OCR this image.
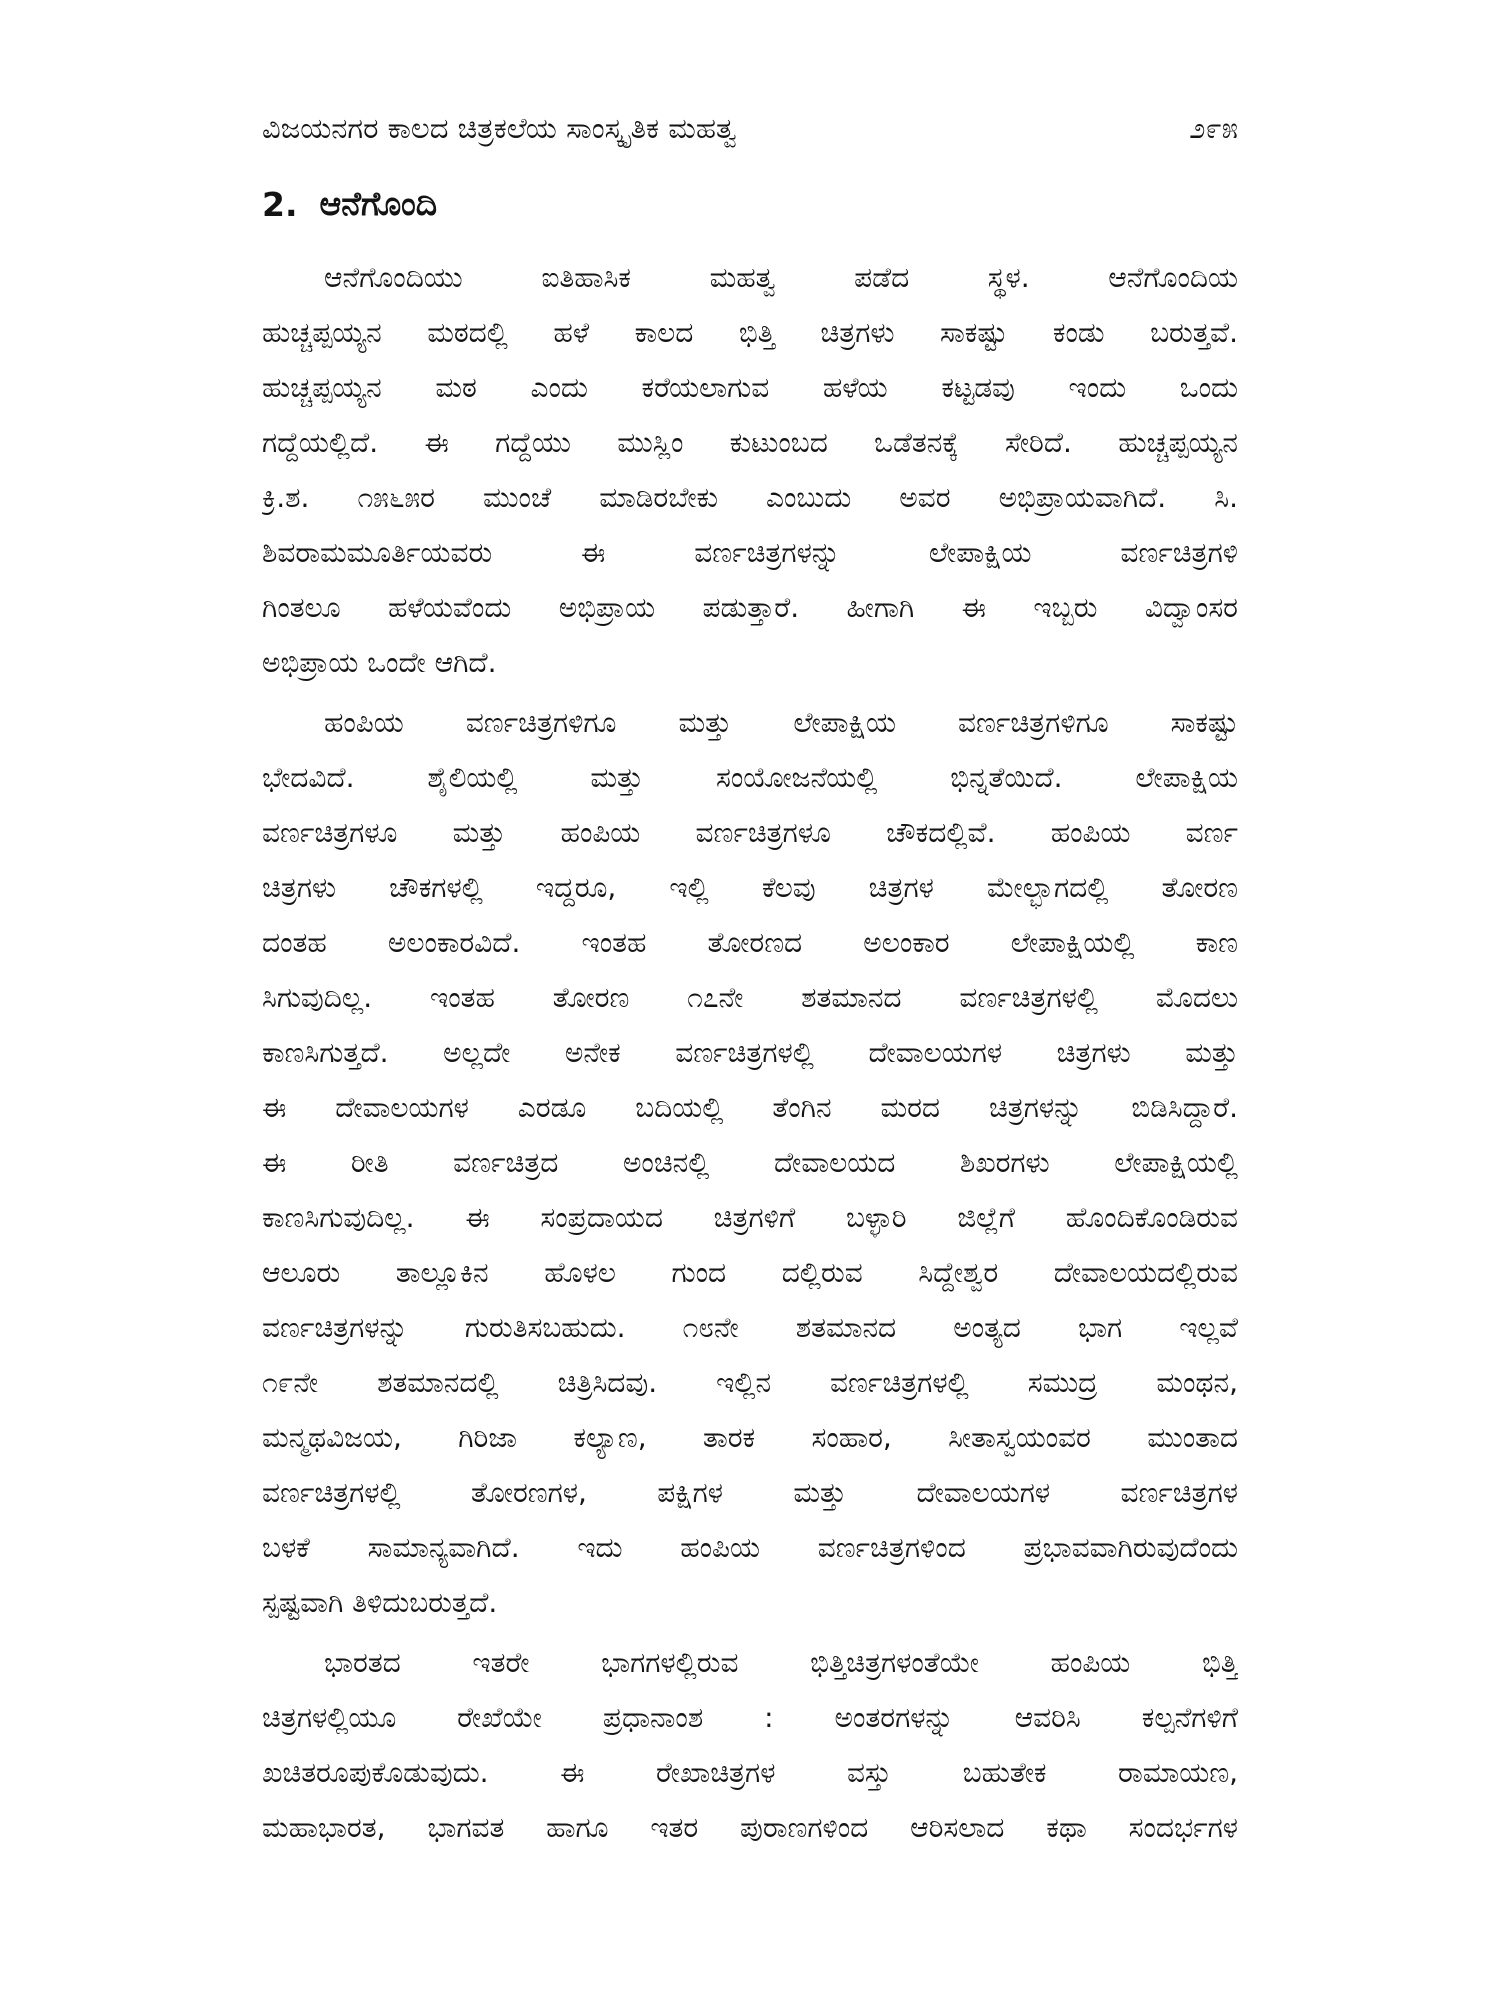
ವಿಜಯನಗರ ಕಾಲದ ಚಿತ್ರಕಲೆಯ ಸಾಂಸ್ಕೃತಿಕ ಮಹತ್ವ	೨೯೫
2. ಆನೆಗೊಂದಿ
ಆನೆಗೊಂದಿಯು ಐತಿಹಾಸಿಕ ಮಹತ್ವ ಪಡೆದ ಸ್ಥಳ. ಆನೆಗೊಂದಿಯ
ಹುಚ್ಚಪ್ಪಯ್ಯನ ಮಠದಲ್ಲಿ ಹಳೆ ಕಾಲದ ಭಿತ್ತಿ ಚಿತ್ರಗಳು ಸಾಕಷ್ಟು ಕಂಡು ಬರುತ್ತವೆ.
ಹುಚ್ಚಪ್ಪಯ್ಯನ ಮಠ ಎಂದು ಕರೆಯಲಾಗುವ ಹಳೆಯ ಕಟ್ಟಡವು ಇಂದು ಒಂದು
ಗದ್ದೆಯಲ್ಲಿದೆ. ಈ ಗದ್ದೆಯು ಮುಸ್ಲಿಂ ಕುಟುಂಬದ ಒಡೆತನಕ್ಕೆ ಸೇರಿದೆ. ಹುಚ್ಚಪ್ಪಯ್ಯನ
ಕ್ರಿ.ಶ. ೧೫೬೫ರ ಮುಂಚೆ ಮಾಡಿರಬೇಕು ಎಂಬುದು ಅವರ ಅಭಿಪ್ರಾಯವಾಗಿದೆ. ಸಿ.
ಶಿವರಾಮಮೂರ್ತಿಯವರು ಈ ವರ್ಣಚಿತ್ರಗಳನ್ನು ಲೇಪಾಕ್ಷಿಯ ವರ್ಣಚಿತ್ರಗಳಿ
ಗಿಂತಲೂ ಹಳೆಯವೆಂದು ಅಭಿಪ್ರಾಯ ಪಡುತ್ತಾರೆ. ಹೀಗಾಗಿ ಈ ಇಬ್ಬರು ವಿದ್ವಾಂಸರ
ಅಭಿಪ್ರಾಯ ಒಂದೇ ಆಗಿದೆ.
ಹಂಪಿಯ ವರ್ಣಚಿತ್ರಗಳಿಗೂ ಮತ್ತು ಲೇಪಾಕ್ಷಿಯ ವರ್ಣಚಿತ್ರಗಳಿಗೂ ಸಾಕಷ್ಟು
ಭೇದವಿದೆ. ಶೈಲಿಯಲ್ಲಿ ಮತ್ತು ಸಂಯೋಜನೆಯಲ್ಲಿ ಭಿನ್ನತೆಯಿದೆ. ಲೇಪಾಕ್ಷಿಯ
ವರ್ಣಚಿತ್ರಗಳೂ ಮತ್ತು ಹಂಪಿಯ ವರ್ಣಚಿತ್ರಗಳೂ ಚೌಕದಲ್ಲಿವೆ. ಹಂಪಿಯ ವರ್ಣ
ಚಿತ್ರಗಳು ಚೌಕಗಳಲ್ಲಿ ಇದ್ದರೂ, ಇಲ್ಲಿ ಕೆಲವು ಚಿತ್ರಗಳ ಮೇಲ್ಭಾಗದಲ್ಲಿ ತೋರಣ
ದಂತಹ ಅಲಂಕಾರವಿದೆ. ಇಂತಹ ತೋರಣದ ಅಲಂಕಾರ ಲೇಪಾಕ್ಷಿಯಲ್ಲಿ ಕಾಣ
ಸಿಗುವುದಿಲ್ಲ. ಇಂತಹ ತೋರಣ ೧೭ನೇ ಶತಮಾನದ ವರ್ಣಚಿತ್ರಗಳಲ್ಲಿ ಮೊದಲು
ಕಾಣಸಿಗುತ್ತದೆ. ಅಲ್ಲದೇ ಅನೇಕ ವರ್ಣಚಿತ್ರಗಳಲ್ಲಿ ದೇವಾಲಯಗಳ ಚಿತ್ರಗಳು ಮತ್ತು
ಈ ದೇವಾಲಯಗಳ ಎರಡೂ ಬದಿಯಲ್ಲಿ ತೆಂಗಿನ ಮರದ ಚಿತ್ರಗಳನ್ನು ಬಿಡಿಸಿದ್ದಾರೆ.
ಈ ರೀತಿ ವರ್ಣಚಿತ್ರದ ಅಂಚಿನಲ್ಲಿ ದೇವಾಲಯದ ಶಿಖರಗಳು ಲೇಪಾಕ್ಷಿಯಲ್ಲಿ
ಕಾಣಸಿಗುವುದಿಲ್ಲ. ಈ ಸಂಪ್ರದಾಯದ ಚಿತ್ರಗಳಿಗೆ ಬಳ್ಳಾರಿ ಜಿಲ್ಲೆಗೆ ಹೊಂದಿಕೊಂಡಿರುವ
ಆಲೂರು ತಾಲ್ಲೂಕಿನ ಹೊಳಲ ಗುಂದ ದಲ್ಲಿರುವ ಸಿದ್ದೇಶ್ವರ ದೇವಾಲಯದಲ್ಲಿರುವ
ವರ್ಣಚಿತ್ರಗಳನ್ನು ಗುರುತಿಸಬಹುದು. ೧೮ನೇ ಶತಮಾನದ ಅಂತ್ಯದ ಭಾಗ ಇಲ್ಲವೆ
೧೯ನೇ ಶತಮಾನದಲ್ಲಿ ಚಿತ್ರಿಸಿದವು. ಇಲ್ಲಿನ ವರ್ಣಚಿತ್ರಗಳಲ್ಲಿ ಸಮುದ್ರ ಮಂಥನ,
ಮನ್ಮಥವಿಜಯ, ಗಿರಿಜಾ ಕಲ್ಯಾಣ, ತಾರಕ ಸಂಹಾರ, ಸೀತಾಸ್ವಯಂವರ ಮುಂತಾದ
ವರ್ಣಚಿತ್ರಗಳಲ್ಲಿ ತೋರಣಗಳ, ಪಕ್ಷಿಗಳ ಮತ್ತು ದೇವಾಲಯಗಳ ವರ್ಣಚಿತ್ರಗಳ
ಬಳಕೆ ಸಾಮಾನ್ಯವಾಗಿದೆ. ಇದು ಹಂಪಿಯ ವರ್ಣಚಿತ್ರಗಳಿಂದ ಪ್ರಭಾವವಾಗಿರುವುದೆಂದು
ಸ್ಪಷ್ಟವಾಗಿ ತಿಳಿದುಬರುತ್ತದೆ.
ಭಾರತದ ಇತರೇ ಭಾಗಗಳಲ್ಲಿರುವ ಭಿತ್ತಿಚಿತ್ರಗಳಂತೆಯೇ ಹಂಪಿಯ ಭಿತ್ತಿ
ಚಿತ್ರಗಳಲ್ಲಿಯೂ ರೇಖೆಯೇ ಪ್ರಧಾನಾಂಶ : ಅಂತರಗಳನ್ನು ಆವರಿಸಿ ಕಲ್ಪನೆಗಳಿಗೆ
ಖಚಿತರೂಪುಕೊಡುವುದು. ಈ ರೇಖಾಚಿತ್ರಗಳ ವಸ್ತು ಬಹುತೇಕ ರಾಮಾಯಣ,
ಮಹಾಭಾರತ, ಭಾಗವತ ಹಾಗೂ ಇತರ ಪುರಾಣಗಳಿಂದ ಆರಿಸಲಾದ ಕಥಾ ಸಂದರ್ಭಗಳ
